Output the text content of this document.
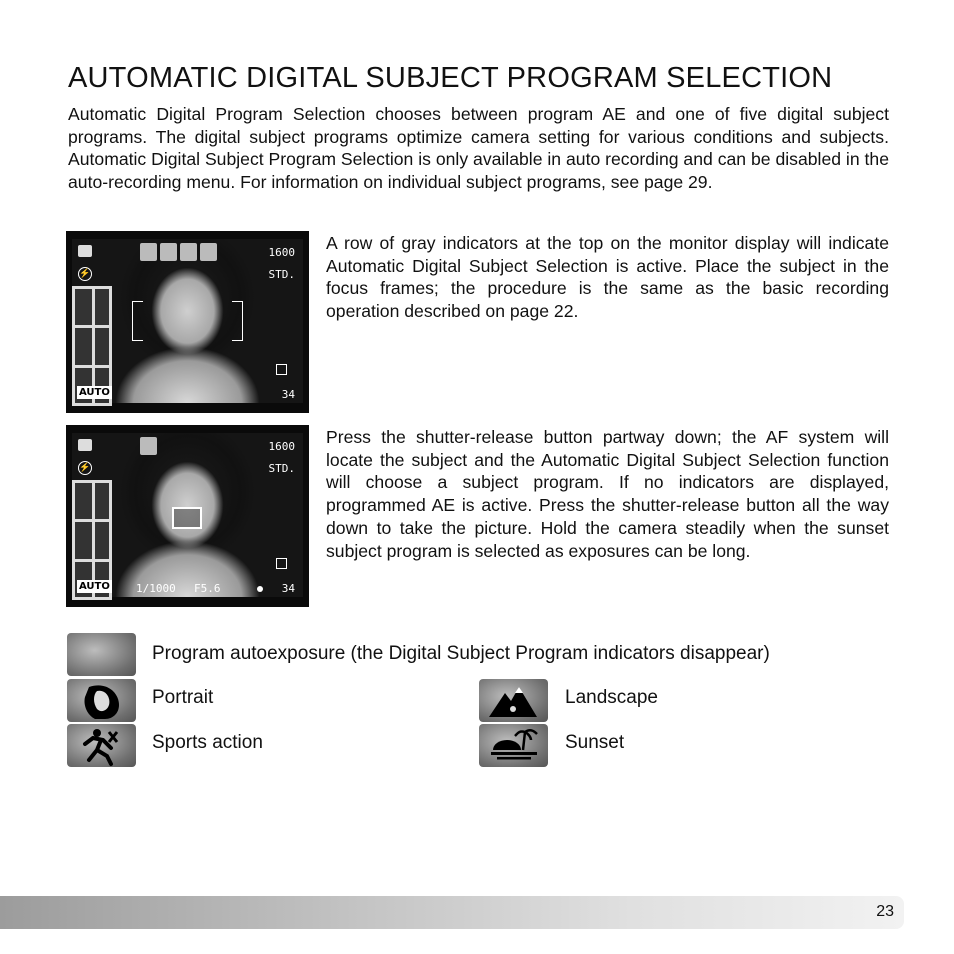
AUTOMATIC DIGITAL SUBJECT PROGRAM SELECTION

Automatic Digital Program Selection chooses between program AE and one of five digital subject programs. The digital subject programs optimize camera setting for various conditions and subjects. Automatic Digital Subject Program Selection is only available in auto recording and can be disabled in the auto-recording menu. For information on individual subject programs, see page 29.

⚡
1600
STD.
AUTO	34

A row of gray indicators at the top on the monitor display will indicate Automatic Digital Subject Selection is active. Place the subject in the focus frames; the procedure is the same as the basic recording operation described on page 22.

⚡
1600
STD.
AUTO 1/1000 F5.6	34

Press the shutter-release button partway down; the AF system will locate the subject and the Automatic Digital Subject Selection function will choose a subject program. If no indicators are displayed, programmed AE is active. Press the shutter-release button all the way down to take the picture. Hold the camera steadily when the sunset subject program is selected as exposures can be long.

Program autoexposure (the Digital Subject Program indicators disappear)
Portrait	Landscape
Sports action	Sunset
23
